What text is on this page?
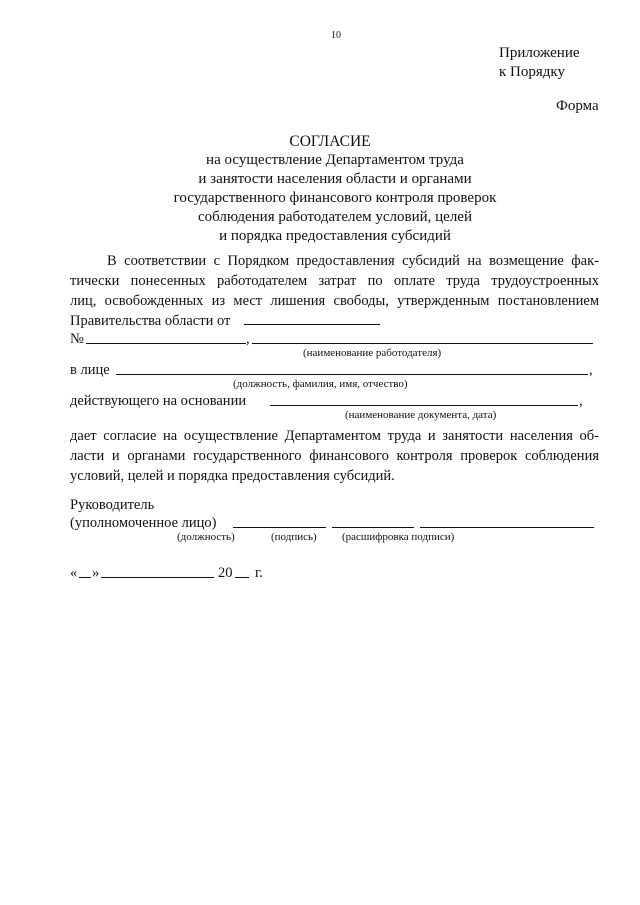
10
Приложение
к Порядку
Форма
СОГЛАСИЕ
на осуществление Департаментом труда
и занятости населения области и органами
государственного финансового контроля проверок
соблюдения работодателем условий, целей
и порядка предоставления субсидий
В соответствии с Порядком предоставления субсидий на возмещение фак-
тически понесенных работодателем затрат по оплате труда трудоустроенных
лиц, освобожденных из мест лишения свободы, утвержденным постановлением
Правительства области от
№	,
(наименование работодателя)
в лице	,
(должность, фамилия, имя, отчество)
действующего на основании	,
(наименование документа, дата)
дает согласие на осуществление Департаментом труда и занятости населения об-
ласти и органами государственного финансового контроля проверок соблюдения
условий, целей и порядка предоставления субсидий.
Руководитель
(уполномоченное лицо)
(должность)	(подпись) (расшифровка подписи)
« »	20 г.
